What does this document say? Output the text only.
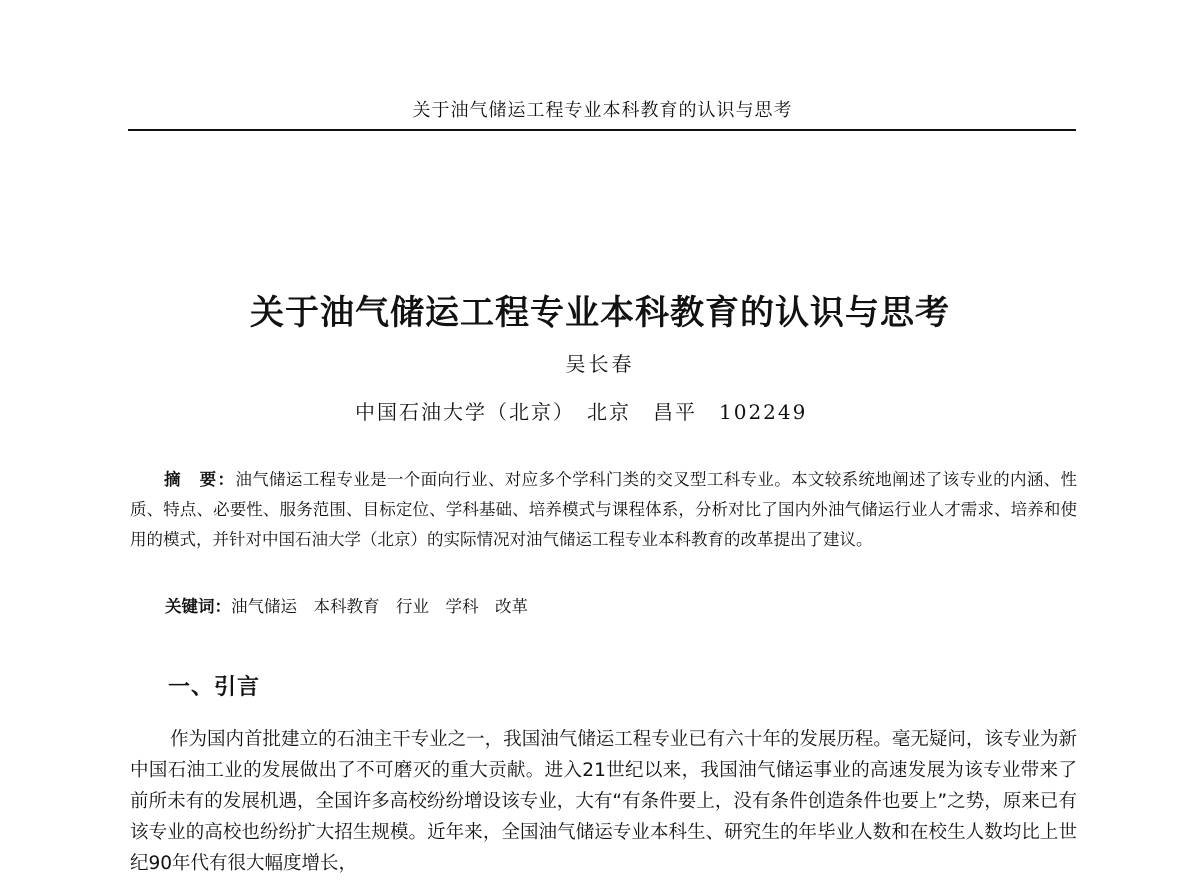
关于油气储运工程专业本科教育的认识与思考
关于油气储运工程专业本科教育的认识与思考
吴长春
中国石油大学（北京）　北京　昌平　102249
摘　要：油气储运工程专业是一个面向行业、对应多个学科门类的交叉型工科专业。本文较系统地阐述了该专业的内涵、性质、特点、必要性、服务范围、目标定位、学科基础、培养模式与课程体系，分析对比了国内外油气储运行业人才需求、培养和使用的模式，并针对中国石油大学（北京）的实际情况对油气储运工程专业本科教育的改革提出了建议。
关键词：油气储运　本科教育　行业　学科　改革
一、引言
作为国内首批建立的石油主干专业之一，我国油气储运工程专业已有六十年的发展历程。毫无疑问，该专业为新中国石油工业的发展做出了不可磨灭的重大贡献。进入21世纪以来，我国油气储运事业的高速发展为该专业带来了前所未有的发展机遇，全国许多高校纷纷增设该专业，大有“有条件要上，没有条件创造条件也要上”之势，原来已有该专业的高校也纷纷扩大招生规模。近年来，全国油气储运专业本科生、研究生的年毕业人数和在校生人数均比上世纪90年代有很大幅度增长，
